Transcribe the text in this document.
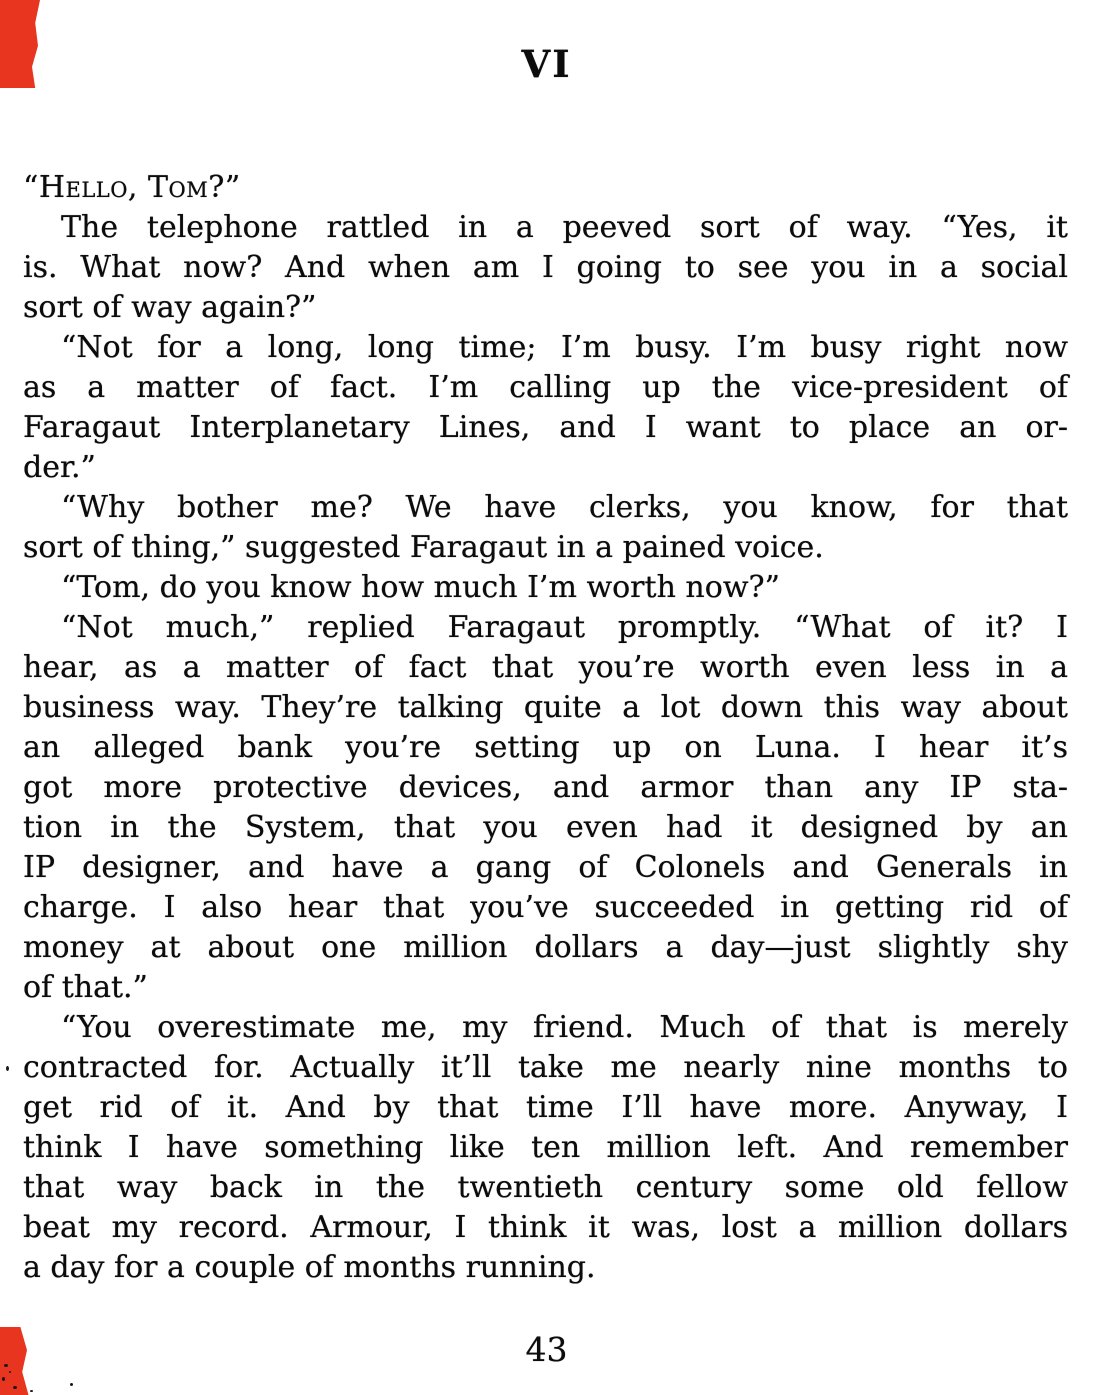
VI
“Hello, Tom?”
The telephone rattled in a peeved sort of way. “Yes, it
is. What now? And when am I going to see you in a social
sort of way again?”
“Not for a long, long time; I’m busy. I’m busy right now
as a matter of fact. I’m calling up the vice-president of
Faragaut Interplanetary Lines, and I want to place an or-
der.”
“Why bother me? We have clerks, you know, for that
sort of thing,” suggested Faragaut in a pained voice.
“Tom, do you know how much I’m worth now?”
“Not much,” replied Faragaut promptly. “What of it? I
hear, as a matter of fact that you’re worth even less in a
business way. They’re talking quite a lot down this way about
an alleged bank you’re setting up on Luna. I hear it’s
got more protective devices, and armor than any IP sta-
tion in the System, that you even had it designed by an
IP designer, and have a gang of Colonels and Generals in
charge. I also hear that you’ve succeeded in getting rid of
money at about one million dollars a day—just slightly shy
of that.”
“You overestimate me, my friend. Much of that is merely
contracted for. Actually it’ll take me nearly nine months to
get rid of it. And by that time I’ll have more. Anyway, I
think I have something like ten million left. And remember
that way back in the twentieth century some old fellow
beat my record. Armour, I think it was, lost a million dollars
a day for a couple of months running.
43
